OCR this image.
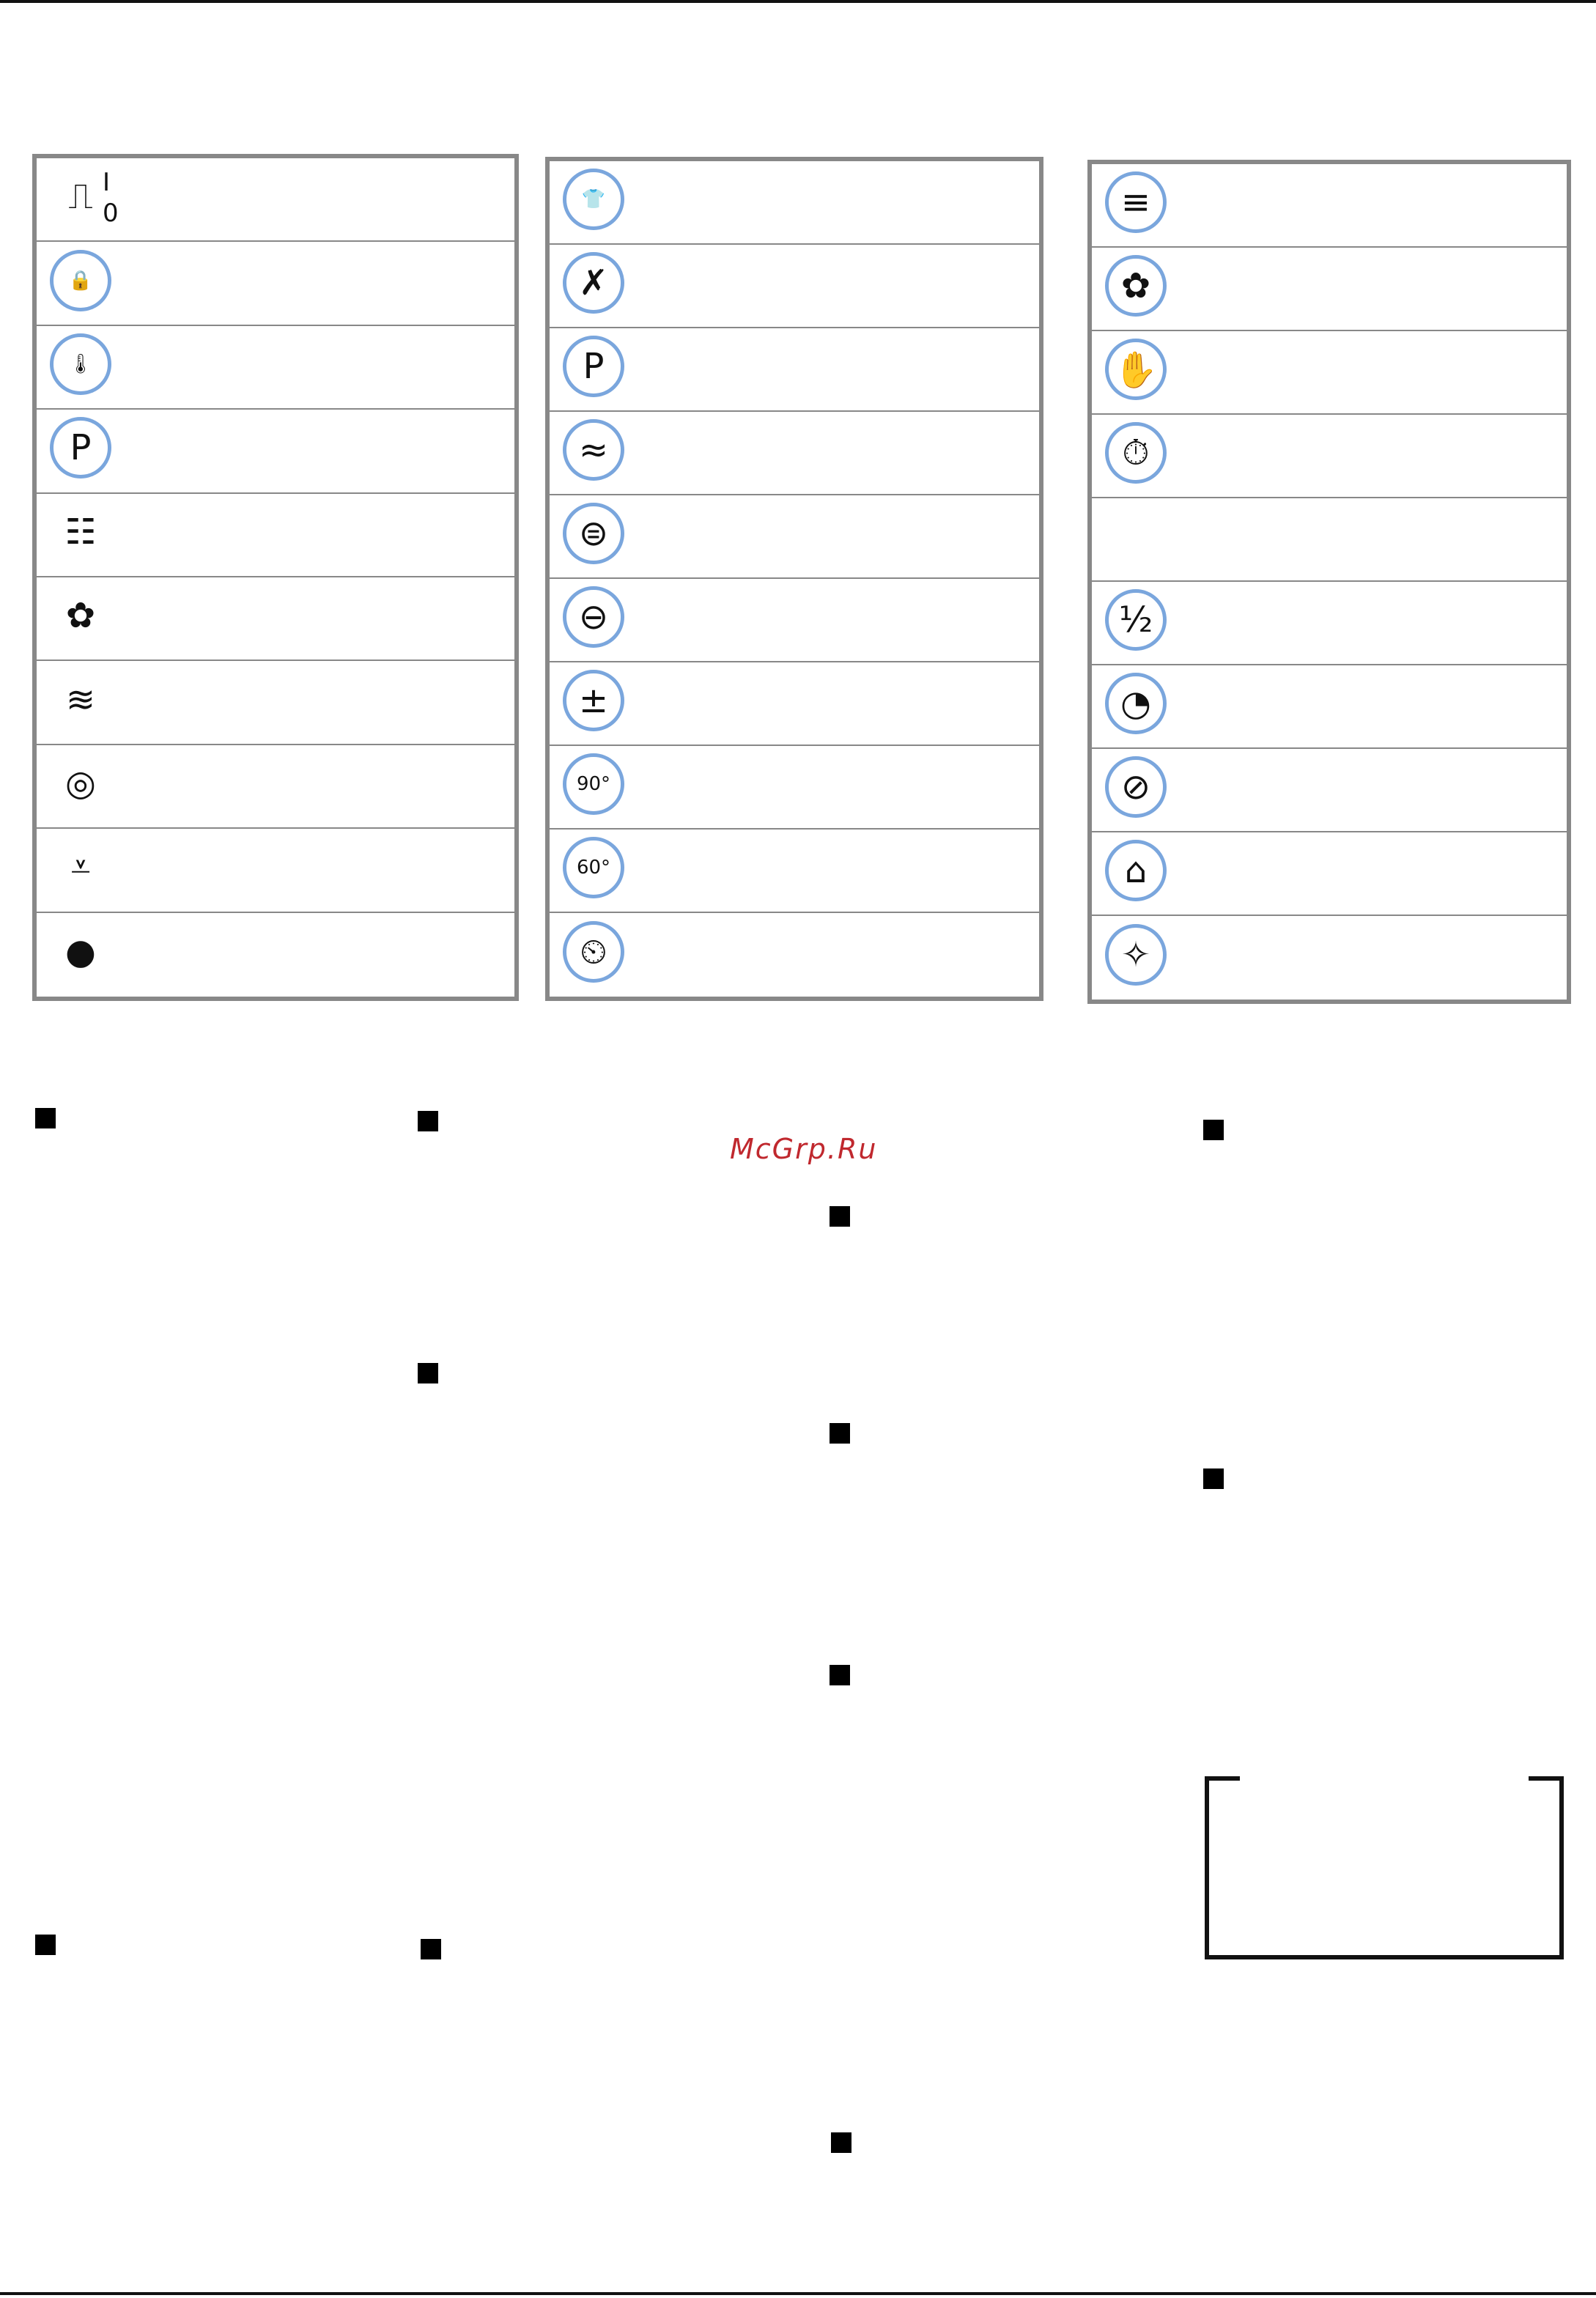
⎍ I
0
🔒
🌡
P
☷
✿
≋
◎
⩡
●
👕
✗
P
≈
⊜
⊖
±
90°
60°
⏲
≡
✿
✋
⏱
½
◔
⊘
⌂
✧
McGrp.Ru
